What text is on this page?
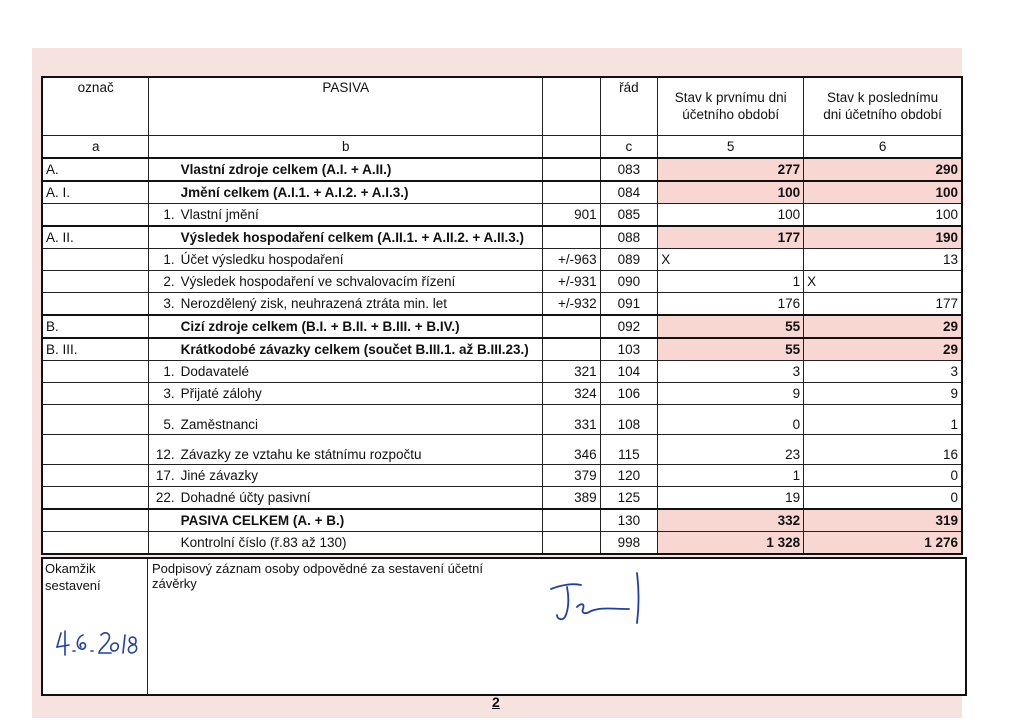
označ	PASIVA			řád	Stav k prvnímu dni
účetního období	Stav k poslednímu
dni účetního období
a	b			c	5	6
A.		Vlastní zdroje celkem (A.I. + A.II.)		083	277	290
A. I.		Jmění celkem (A.I.1. + A.I.2. + A.I.3.)		084	100	100
	1.	Vlastní jmění	901	085	100	100
A. II.		Výsledek hospodaření celkem (A.II.1. + A.II.2. + A.II.3.)		088	177	190
	1.	Účet výsledku hospodaření	+/-963	089	X	13
	2.	Výsledek hospodaření ve schvalovacím řízení	+/-931	090	1	X
	3.	Nerozdělený zisk, neuhrazená ztráta min. let	+/-932	091	176	177
B.		Cizí zdroje celkem (B.I. + B.II. + B.III. + B.IV.)		092	55	29
B. III.		Krátkodobé závazky celkem (součet B.III.1. až B.III.23.)		103	55	29
	1.	Dodavatelé	321	104	3	3
	3.	Přijaté zálohy	324	106	9	9
	5.	Zaměstnanci	331	108	0	1
	12.	Závazky ze vztahu ke státnímu rozpočtu	346	115	23	16
	17.	Jiné závazky	379	120	1	0
	22.	Dohadné účty pasivní	389	125	19	0
		PASIVA CELKEM (A. + B.)		130	332	319
		Kontrolní číslo (ř.83 až 130)		998	1 328	1 276
Okamžik
sestavení
Podpisový záznam osoby odpovědné za sestavení účetní
závěrky
2
